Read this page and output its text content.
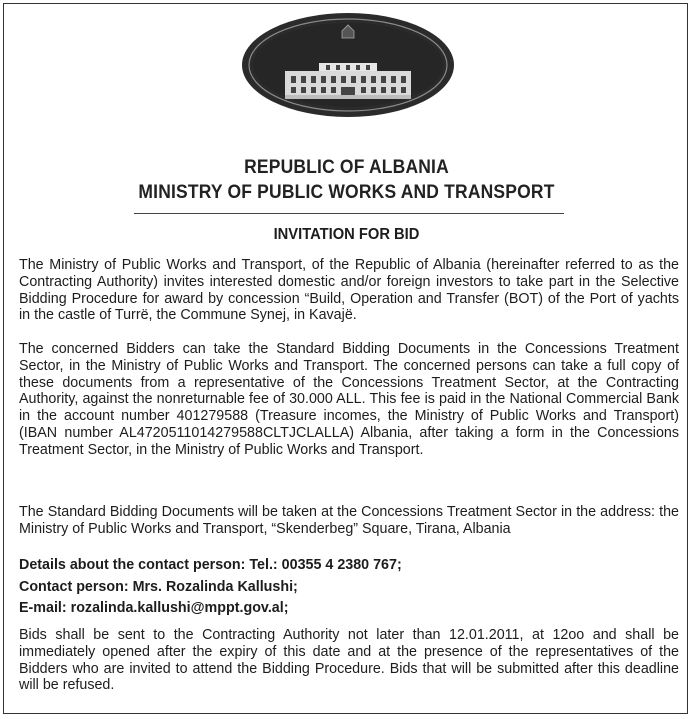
REPUBLIC OF ALBANIA
MINISTRY OF PUBLIC WORKS AND TRANSPORT
INVITATION FOR BID
The Ministry of Public Works and Transport, of the Republic of Albania (hereinafter referred to as the Contracting Authority) invites interested domestic and/or foreign investors to take part in the Selective Bidding Procedure for award by concession “Build, Operation and Transfer (BOT) of the Port of yachts in the castle of Turrë, the Commune Synej, in Kavajë.
The concerned Bidders can take the Standard Bidding Documents in the Concessions Treatment Sector, in the Ministry of Public Works and Transport. The concerned persons can take a full copy of these documents from a representative of the Concessions Treatment Sector, at the Contracting Authority, against the nonreturnable fee of 30.000 ALL. This fee is paid in the National Commercial Bank in the account number 401279588 (Treasure incomes, the Ministry of Public Works and Transport) (IBAN number AL4720511014279588CLTJCLALLA) Albania, after taking a form in the Concessions Treatment Sector, in the Ministry of Public Works and Transport.
The Standard Bidding Documents will be taken at the Concessions Treatment Sector in the address: the Ministry of Public Works and Transport, “Skenderbeg” Square, Tirana, Albania
Details about the contact person: Tel.: 00355 4 2380 767;
Contact person: Mrs. Rozalinda Kallushi;
E-mail: rozalinda.kallushi@mppt.gov.al;
Bids shall be sent to the Contracting Authority not later than 12.01.2011, at 12oo and shall be immediately opened after the expiry of this date and at the presence of the representatives of the Bidders who are invited to attend the Bidding Procedure. Bids that will be submitted after this deadline will be refused.
